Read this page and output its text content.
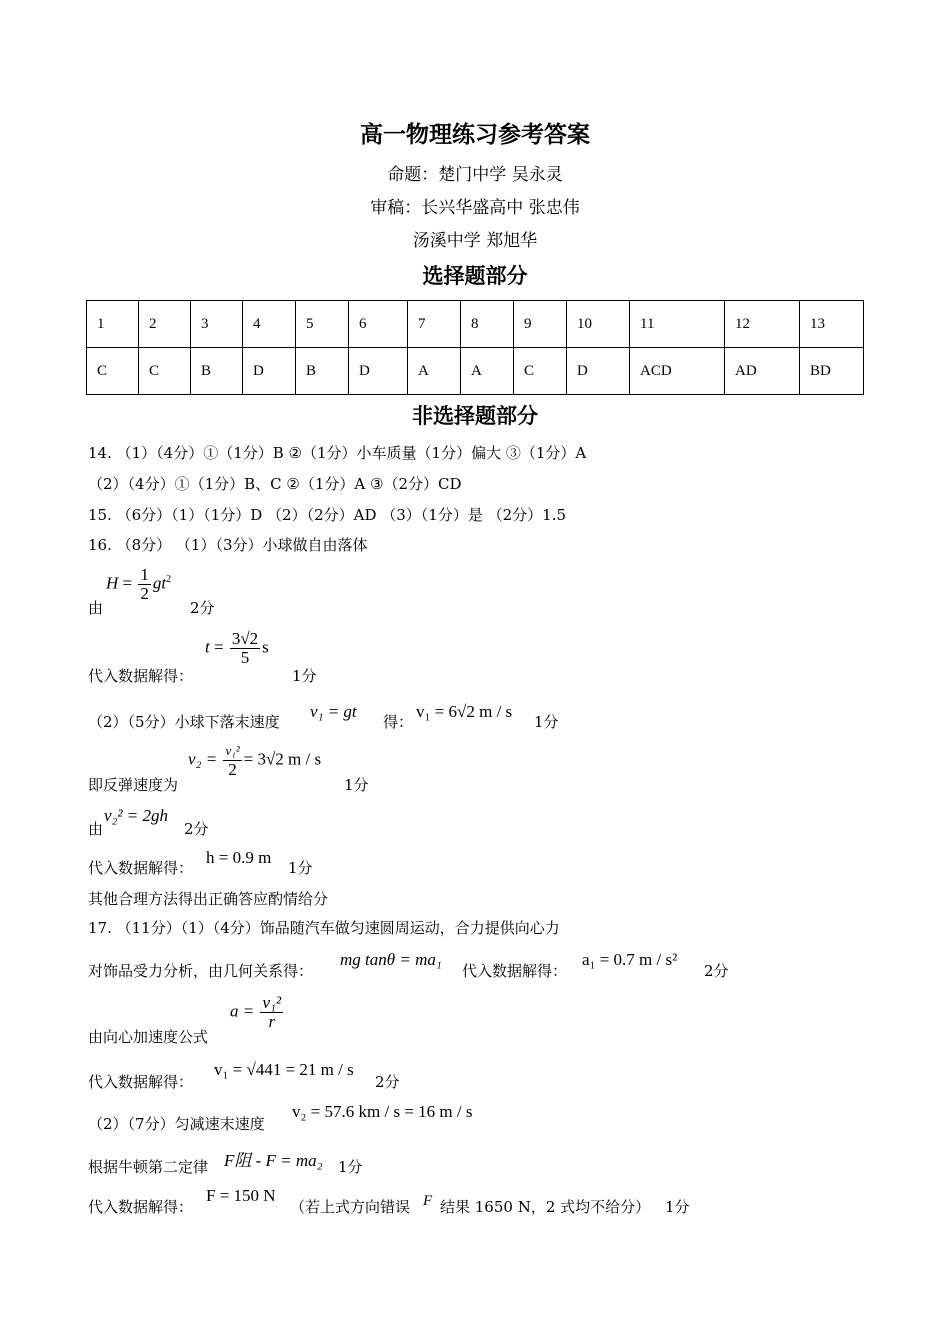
高一物理练习参考答案
命题：楚门中学 吴永灵
审稿：长兴华盛高中 张忠伟
汤溪中学 郑旭华
选择题部分
1	2	3	4	5	6	7	8	9	10	11	12	13
C	C	B	D	B	D	A	A	C	D	ACD	AD	BD
非选择题部分
14. （1）（4分）①（1分）B ②（1分）小车质量（1分）偏大 ③（1分）A
（2）（4分）①（1分）B、C ②（1分）A ③（2分）CD
15. （6分）（1）（1分）D （2）（2分）AD （3）（1分）是 （2分）1.5
16. （8分） （1）（3分）小球做自由落体
由
$H = \frac{1}{2} gt^2$
2分
代入数据解得：
$t = \frac{3√2}{5}$ s
1分
（2）（5分）小球下落末速度
v₁ = gt
得：
v₁ = 6√2 m / s
1分
即反弹速度为
$v_2 = \frac{\text{v₁²}}{2} = 3√2$ m / s
1分
由
v₂² = 2gh
2分
代入数据解得：
h = 0.9 m
1分
其他合理方法得出正确答应酌情给分
17. （11分）（1）（4分）饰品随汽车做匀速圆周运动，合力提供向心力
对饰品受力分析，由几何关系得：
mg tanθ = ma₁
代入数据解得：
a₁ = 0.7 m / s²
2分
由向心加速度公式
$a = \frac{\text{v₁²}}{r}$
代入数据解得：
v₁ = √441 = 21 m / s
2分
（2）（7分）匀减速末速度
v₂ = 57.6 km / s = 16 m / s
根据牛顿第二定律 F阻 - F = ma₂ 1分
代入数据解得：
F = 150 N
（若上式方向错误 F 结果 1650 N，2 式均不给分） 1分
